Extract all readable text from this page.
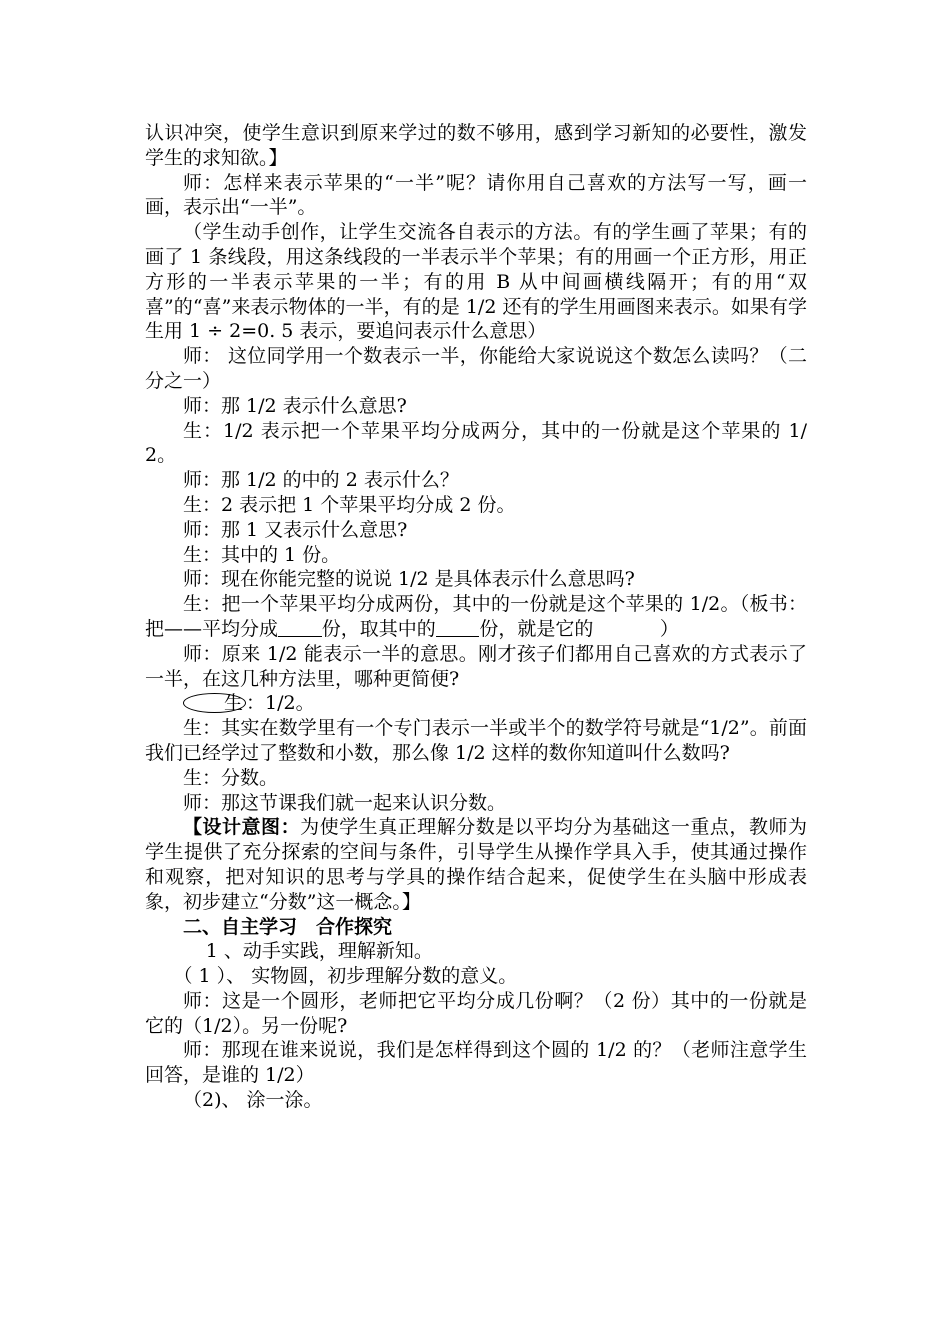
认识冲突，使学生意识到原来学过的数不够用，感到学习新知的必要性，激发学生的求知欲。】

师：怎样来表示苹果的“一半”呢？请你用自己喜欢的方法写一写，画一画，表示出“一半”。

（学生动手创作，让学生交流各自表示的方法。有的学生画了苹果；有的画了 1 条线段，用这条线段的一半表示半个苹果；有的用画一个正方形，用正方形的一半表示苹果的一半；有的用 B 从中间画横线隔开；有的用“双喜”的“喜”来表示物体的一半，有的是 1/2 还有的学生用画图来表示。如果有学生用 1 ÷ 2=0. 5 表示，要追问表示什么意思）

师： 这位同学用一个数表示一半，你能给大家说说这个数怎么读吗？（二分之一）

师：那 1/2 表示什么意思?

生：1/2 表示把一个苹果平均分成两分，其中的一份就是这个苹果的 1/2。

师：那 1/2 的中的 2 表示什么？

生：2 表示把 1 个苹果平均分成 2 份。

师：那 1 又表示什么意思?

生：其中的 1 份。

师：现在你能完整的说说 1/2 是具体表示什么意思吗?

生：把一个苹果平均分成两份，其中的一份就是这个苹果的 1/2。（板书：把——平均分成 份，取其中的 份，就是它的	）

师：原来 1/2 能表示一半的意思。刚才孩子们都用自己喜欢的方式表示了一半，在这几种方法里，哪种更简便?

生 ：1/2。

生：其实在数学里有一个专门表示一半或半个的数学符号就是“1/2”。前面我们已经学过了整数和小数，那么像 1/2 这样的数你知道叫什么数吗?

生：分数。

师：那这节课我们就一起来认识分数。

【设计意图：为使学生真正理解分数是以平均分为基础这一重点，教师为学生提供了充分探索的空间与条件，引导学生从操作学具入手，使其通过操作和观察，把对知识的思考与学具的操作结合起来，促使学生在头脑中形成表象，初步建立“分数”这一概念。】

二、自主学习　合作探究

1 、动手实践，理解新知。

（ 1 ）、 实物圆，初步理解分数的意义。

师：这是一个圆形，老师把它平均分成几份啊？（2 份）其中的一份就是它的（1/2）。另一份呢?

师：那现在谁来说说，我们是怎样得到这个圆的 1/2 的？（老师注意学生回答，是谁的 1/2）

（2)、 涂一涂。
